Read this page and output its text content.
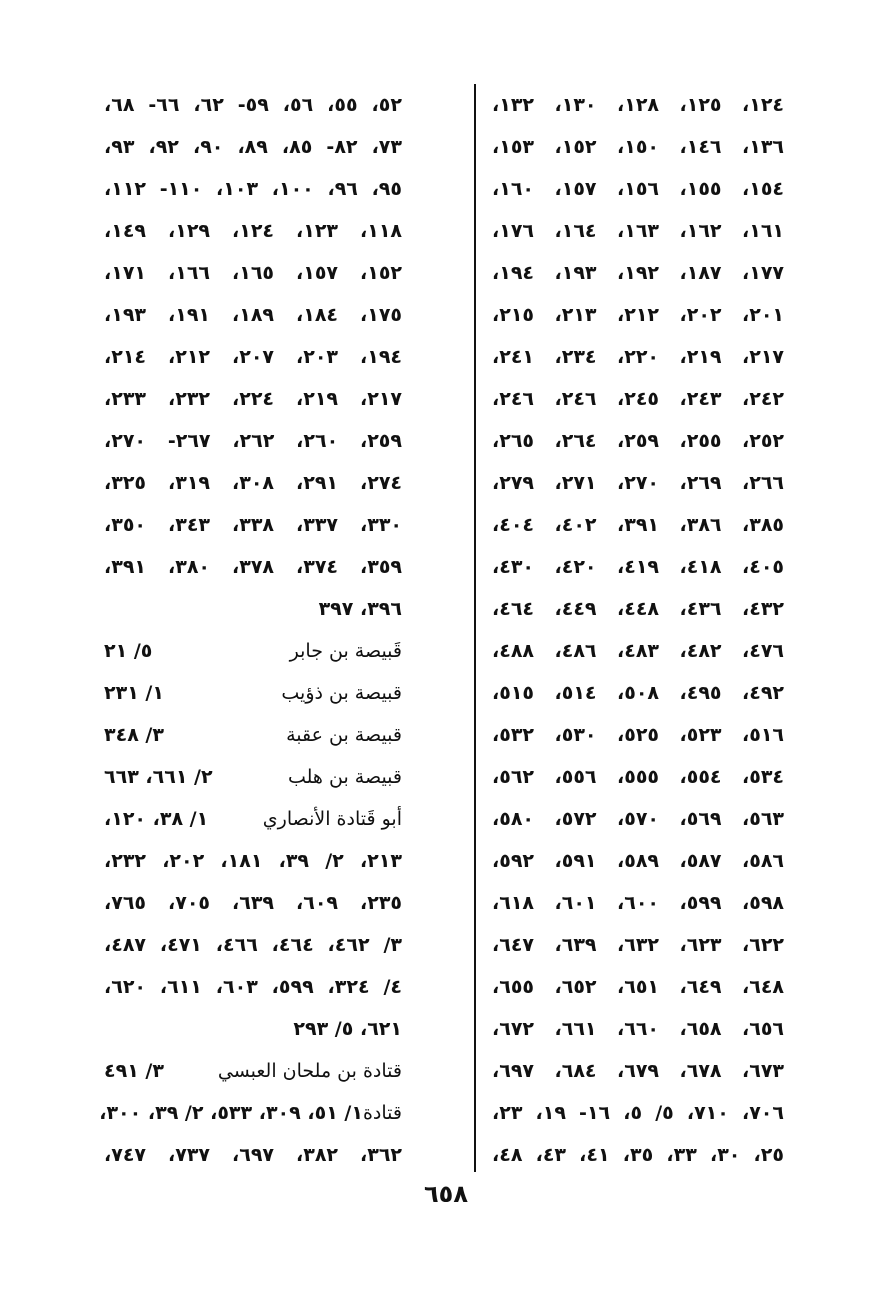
١٢٤، ١٢٥، ١٢٨، ١٣٠، ١٣٢،
١٣٦، ١٤٦، ١٥٠، ١٥٢، ١٥٣،
١٥٤، ١٥٥، ١٥٦، ١٥٧، ١٦٠،
١٦١، ١٦٢، ١٦٣، ١٦٤، ١٧٦،
١٧٧، ١٨٧، ١٩٢، ١٩٣، ١٩٤،
٢٠١، ٢٠٢، ٢١٢، ٢١٣، ٢١٥،
٢١٧، ٢١٩، ٢٢٠، ٢٣٤، ٢٤١،
٢٤٢، ٢٤٣، ٢٤٥، ٢٤٦، ٢٤٦،
٢٥٢، ٢٥٥، ٢٥٩، ٢٦٤، ٢٦٥،
٢٦٦، ٢٦٩، ٢٧٠، ٢٧١، ٢٧٩،
٣٨٥، ٣٨٦، ٣٩١، ٤٠٢، ٤٠٤،
٤٠٥، ٤١٨، ٤١٩، ٤٢٠، ٤٣٠،
٤٣٢، ٤٣٦، ٤٤٨، ٤٤٩، ٤٦٤،
٤٧٦، ٤٨٢، ٤٨٣، ٤٨٦، ٤٨٨،
٤٩٢، ٤٩٥، ٥٠٨، ٥١٤، ٥١٥،
٥١٦، ٥٢٣، ٥٢٥، ٥٣٠، ٥٣٢،
٥٣٤، ٥٥٤، ٥٥٥، ٥٥٦، ٥٦٢،
٥٦٣، ٥٦٩، ٥٧٠، ٥٧٢، ٥٨٠،
٥٨٦، ٥٨٧، ٥٨٩، ٥٩١، ٥٩٢،
٥٩٨، ٥٩٩، ٦٠٠، ٦٠١، ٦١٨،
٦٢٢، ٦٢٣، ٦٣٢، ٦٣٩، ٦٤٧،
٦٤٨، ٦٤٩، ٦٥١، ٦٥٢، ٦٥٥،
٦٥٦، ٦٥٨، ٦٦٠، ٦٦١، ٦٧٢،
٦٧٣، ٦٧٨، ٦٧٩، ٦٨٤، ٦٩٧،
٧٠٦، ٧١٠، ٥/ ٥، ١٦- ١٩، ٢٣،
٢٥، ٣٠، ٣٣، ٣٥، ٤١، ٤٣، ٤٨،
٥٢، ٥٥، ٥٦، ٥٩- ٦٢، ٦٦- ٦٨،
٧٣، ٨٢- ٨٥، ٨٩، ٩٠، ٩٢، ٩٣،
٩٥، ٩٦، ١٠٠، ١٠٣، ١١٠- ١١٢،
١١٨، ١٢٣، ١٢٤، ١٢٩، ١٤٩،
١٥٢، ١٥٧، ١٦٥، ١٦٦، ١٧١،
١٧٥، ١٨٤، ١٨٩، ١٩١، ١٩٣،
١٩٤، ٢٠٣، ٢٠٧، ٢١٢، ٢١٤،
٢١٧، ٢١٩، ٢٢٤، ٢٣٢، ٢٣٣،
٢٥٩، ٢٦٠، ٢٦٢، ٢٦٧- ٢٧٠،
٢٧٤، ٢٩١، ٣٠٨، ٣١٩، ٣٢٥،
٣٣٠، ٣٣٧، ٣٣٨، ٣٤٣، ٣٥٠،
٣٥٩، ٣٧٤، ٣٧٨، ٣٨٠، ٣٩١،
٣٩٦، ٣٩٧
قَبيصة بن جابر
٥/ ٢١
قبيصة بن ذؤيب
١/ ٢٣١
قبيصة بن عقبة
٣/ ٣٤٨
قبيصة بن هلب
٢/ ٦٦١، ٦٦٣
أبو قَتادة الأنصاري
١/ ٣٨، ١٢٠،
٢١٣، ٢/ ٣٩، ١٨١، ٢٠٢، ٢٣٢،
٢٣٥، ٦٠٩، ٦٣٩، ٧٠٥، ٧٦٥،
٣/ ٤٦٢، ٤٦٤، ٤٦٦، ٤٧١، ٤٨٧،
٤/ ٣٢٤، ٥٩٩، ٦٠٣، ٦١١، ٦٢٠،
٦٢١، ٥/ ٢٩٣
قتادة بن ملحان العبسي
٣/ ٤٩١
قتادة
١/ ٥١، ٣٠٩، ٥٣٣، ٢/ ٣٩، ٣٠٠،
٣٦٢، ٣٨٢، ٦٩٧، ٧٣٧، ٧٤٧،
٦٥٨
